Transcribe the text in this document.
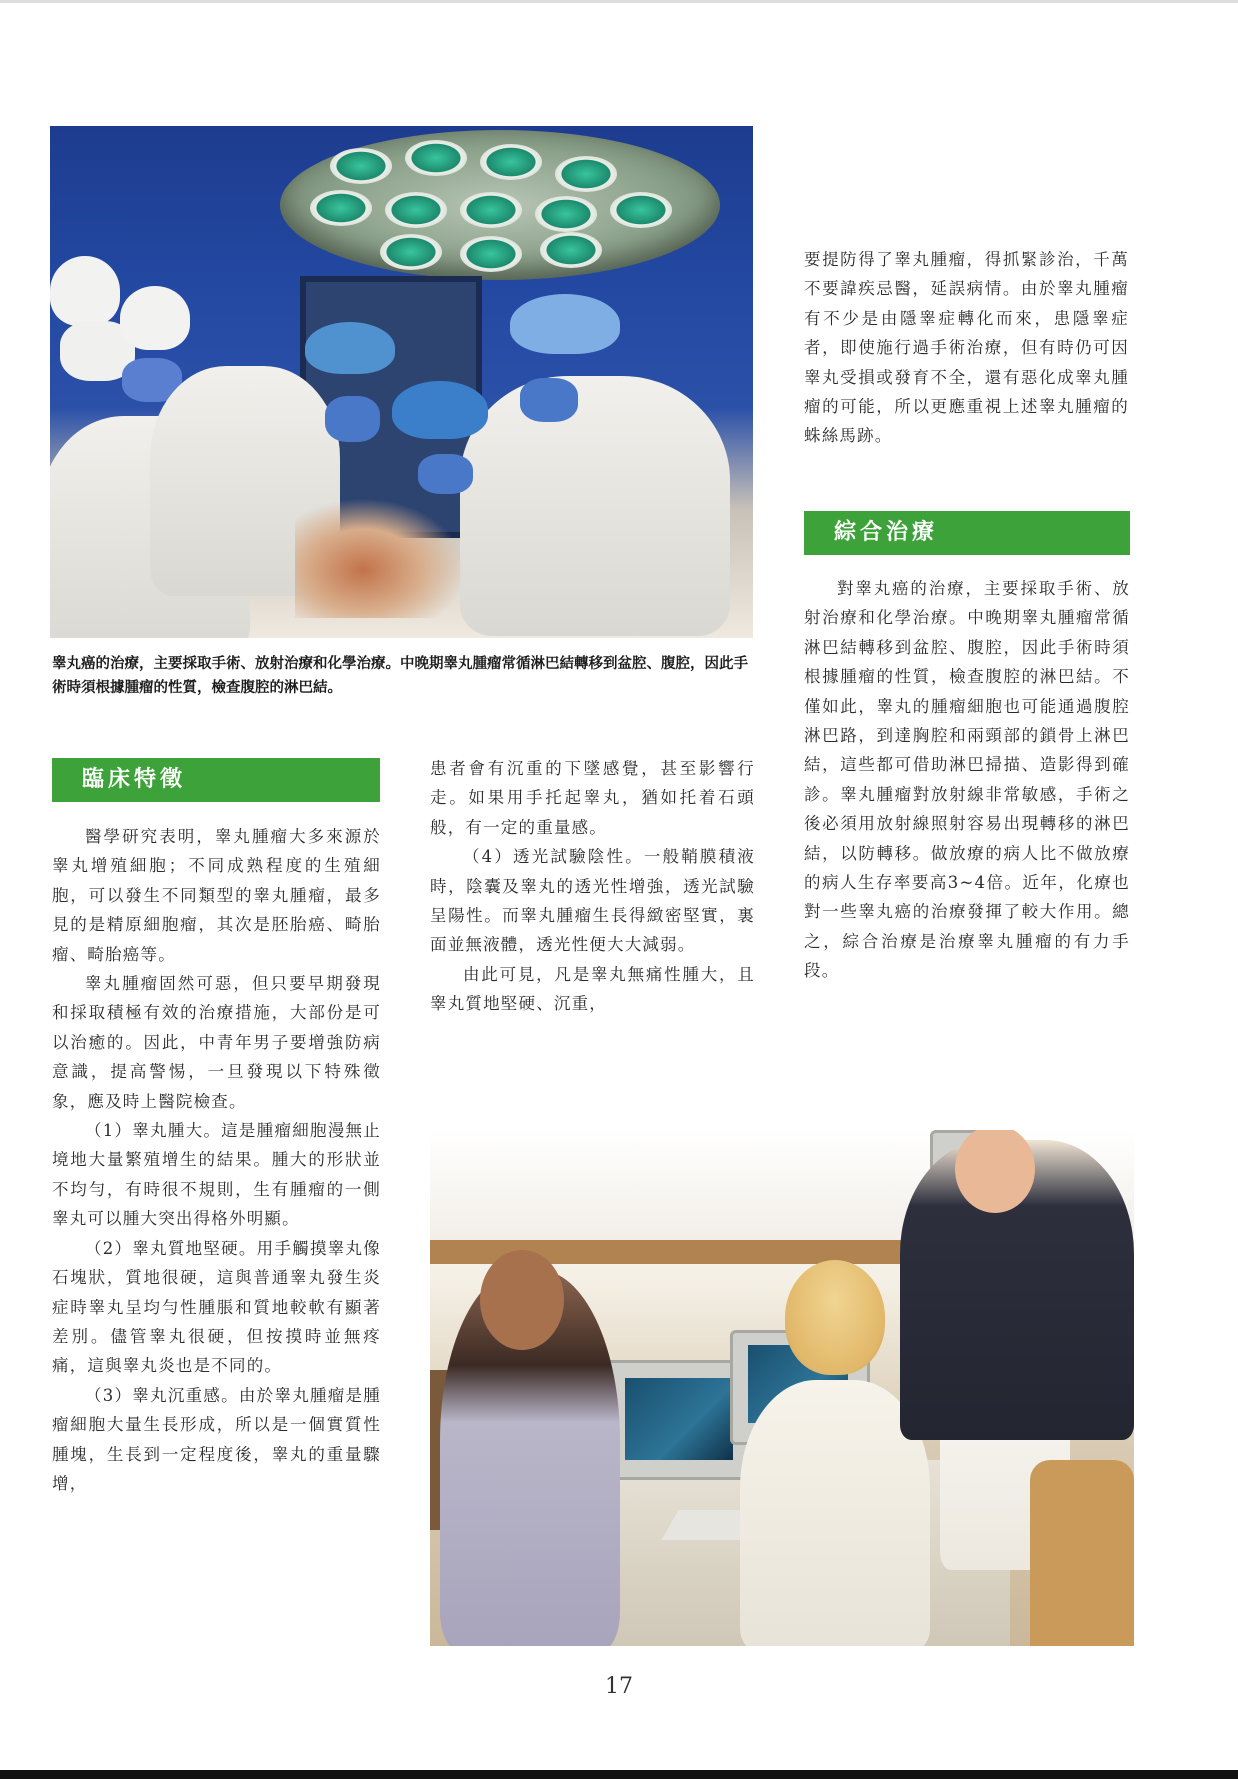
睾丸癌的治療，主要採取手術、放射治療和化學治療。中晚期睾丸腫瘤常循淋巴結轉移到盆腔、腹腔，因此手術時須根據腫瘤的性質，檢查腹腔的淋巴結。
臨床特徵

醫學研究表明，睾丸腫瘤大多來源於睾丸增殖細胞；不同成熟程度的生殖細胞，可以發生不同類型的睾丸腫瘤，最多見的是精原細胞瘤，其次是胚胎癌、畸胎瘤、畸胎癌等。

睾丸腫瘤固然可惡，但只要早期發現和採取積極有效的治療措施，大部份是可以治癒的。因此，中青年男子要增強防病意識，提高警惕，一旦發現以下特殊徵象，應及時上醫院檢查。

（1）睾丸腫大。這是腫瘤細胞漫無止境地大量繁殖增生的結果。腫大的形狀並不均勻，有時很不規則，生有腫瘤的一側睾丸可以腫大突出得格外明顯。

（2）睾丸質地堅硬。用手觸摸睾丸像石塊狀，質地很硬，這與普通睾丸發生炎症時睾丸呈均勻性腫脹和質地較軟有顯著差別。儘管睾丸很硬，但按摸時並無疼痛，這與睾丸炎也是不同的。

（3）睾丸沉重感。由於睾丸腫瘤是腫瘤細胞大量生長形成，所以是一個實質性腫塊，生長到一定程度後，睾丸的重量驟增，

患者會有沉重的下墜感覺，甚至影響行走。如果用手托起睾丸，猶如托着石頭般，有一定的重量感。

（4）透光試驗陰性。一般鞘膜積液時，陰囊及睾丸的透光性增強，透光試驗呈陽性。而睾丸腫瘤生長得緻密堅實，裏面並無液體，透光性便大大減弱。

由此可見，凡是睾丸無痛性腫大，且睾丸質地堅硬、沉重，

要提防得了睾丸腫瘤，得抓緊診治，千萬不要諱疾忌醫，延誤病情。由於睾丸腫瘤有不少是由隱睾症轉化而來，患隱睾症者，即使施行過手術治療，但有時仍可因睾丸受損或發育不全，還有惡化成睾丸腫瘤的可能，所以更應重視上述睾丸腫瘤的蛛絲馬跡。

綜合治療

對睾丸癌的治療，主要採取手術、放射治療和化學治療。中晚期睾丸腫瘤常循淋巴結轉移到盆腔、腹腔，因此手術時須根據腫瘤的性質，檢查腹腔的淋巴結。不僅如此，睾丸的腫瘤細胞也可能通過腹腔淋巴路，到達胸腔和兩頸部的鎖骨上淋巴結，這些都可借助淋巴掃描、造影得到確診。睾丸腫瘤對放射線非常敏感，手術之後必須用放射線照射容易出現轉移的淋巴結，以防轉移。做放療的病人比不做放療的病人生存率要高3~4倍。近年，化療也對一些睾丸癌的治療發揮了較大作用。總之，綜合治療是治療睾丸腫瘤的有力手段。

17
